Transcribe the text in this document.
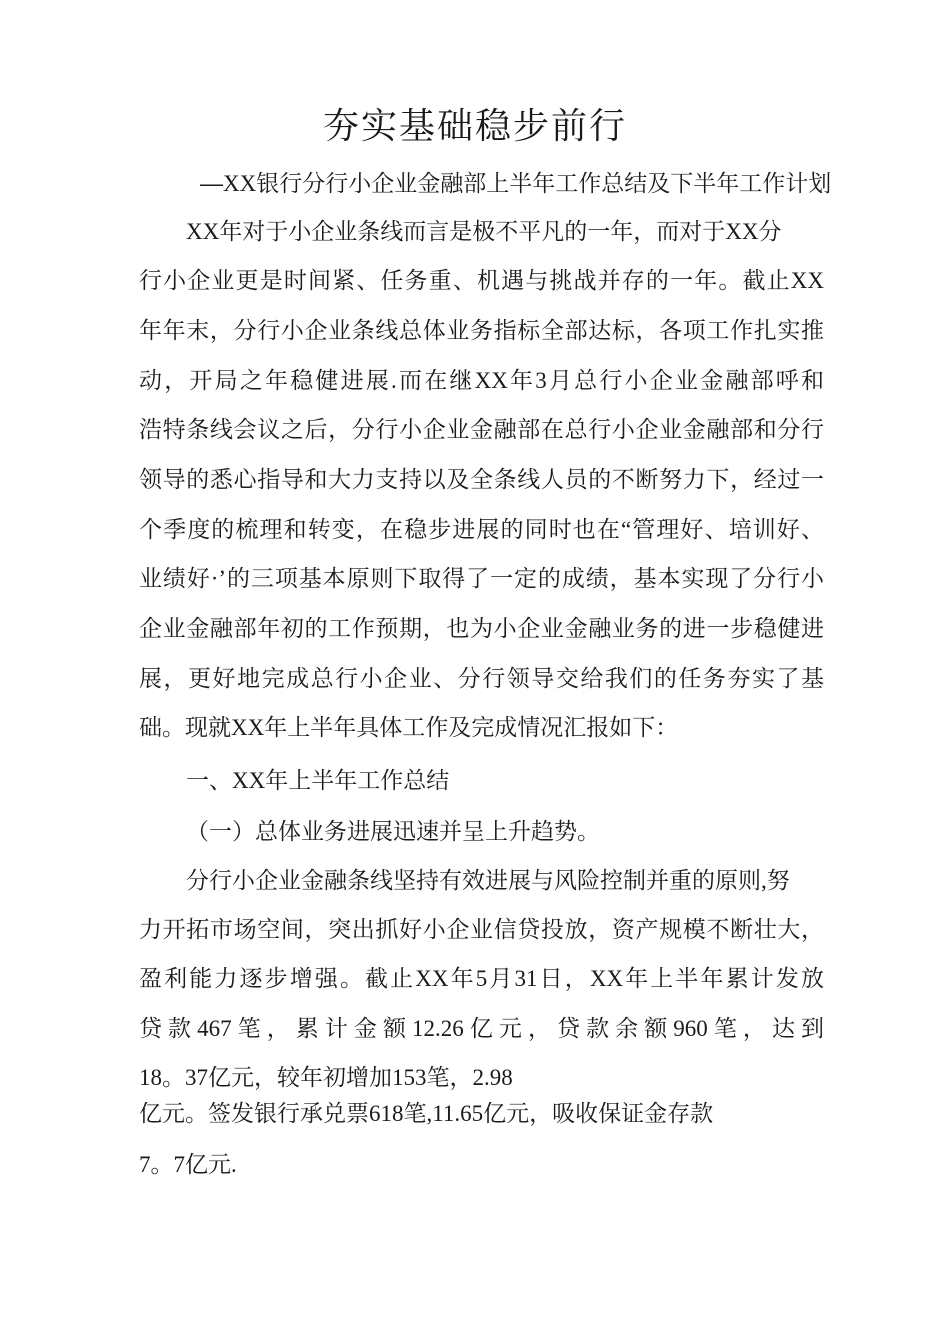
夯实基础稳步前行

—XX银行分行小企业金融部上半年工作总结及下半年工作计划

XX年对于小企业条线而言是极不平凡的一年，而对于XX分

行小企业更是时间紧、任务重、机遇与挑战并存的一年。截止XX

年年末，分行小企业条线总体业务指标全部达标，各项工作扎实推

动，开局之年稳健进展.而在继XX年3月总行小企业金融部呼和

浩特条线会议之后，分行小企业金融部在总行小企业金融部和分行

领导的悉心指导和大力支持以及全条线人员的不断努力下，经过一

个季度的梳理和转变，在稳步进展的同时也在“管理好、培训好、

业绩好·’的三项基本原则下取得了一定的成绩，基本实现了分行小

企业金融部年初的工作预期，也为小企业金融业务的进一步稳健进

展，更好地完成总行小企业、分行领导交给我们的任务夯实了基

础。现就XX年上半年具体工作及完成情况汇报如下：

一、XX年上半年工作总结

（一）总体业务进展迅速并呈上升趋势。

分行小企业金融条线坚持有效进展与风险控制并重的原则,努

力开拓市场空间，突出抓好小企业信贷投放，资产规模不断壮大，

盈利能力逐步增强。截止XX年5月31日，XX年上半年累计发放

贷款467笔，累计金额12.26亿元，贷款余额960笔，达到

18。37亿元，较年初增加153笔，2.98

亿元。签发银行承兑票618笔,11.65亿元，吸收保证金存款

7。7亿元.
